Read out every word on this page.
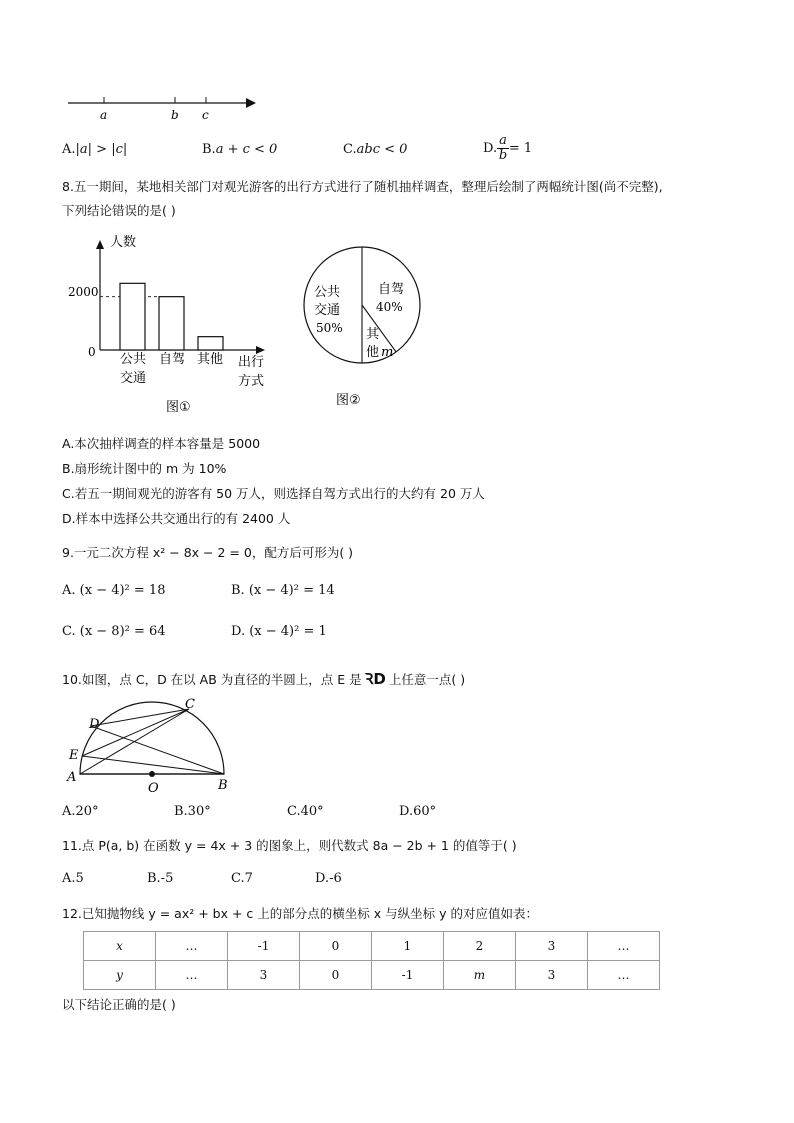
a	b c
A.|a| > |c|	B.a + c < 0	C.abc < 0	D. $\frac{a}{b} = 1$
8.五一期间，某地相关部门对观光游客的出行方式进行了随机抽样调查，整理后绘制了两幅统计图(尚不完整),
下列结论错误的是( )
人数
2000
0 公共
交通
自驾 其他 出行
方式
图①
公共
交通
50%
自驾
40%
其
他 m
图②
A.本次抽样调查的样本容量是 5000
B.扇形统计图中的 m 为 10%
C.若五一期间观光的游客有 50 万人，则选择自驾方式出行的大约有 20 万人
D.样本中选择公共交通出行的有 2400 人
9.一元二次方程 x² − 8x − 2 = 0，配方后可形为( )
A. (x − 4)² = 18	B. (x − 4)² = 14
C. (x − 8)² = 64	D. (x − 4)² = 1
10.如图，点 C，D 在以 AB 为直径的半圆上，点 E 是 ꝚD 上任意一点( )
A
B
C
D
E
O
A.20°	B.30°	C.40°	D.60°
11.点 P(a, b) 在函数 y = 4x + 3 的图象上，则代数式 8a − 2b + 1 的值等于( )
A.5	B.-5	C.7	D.-6
12.已知抛物线 y = ax² + bx + c 上的部分点的横坐标 x 与纵坐标 y 的对应值如表：
x	…	-1	0	1	2	3	…
y	…	3	0	-1	m	3	…
以下结论正确的是( )
